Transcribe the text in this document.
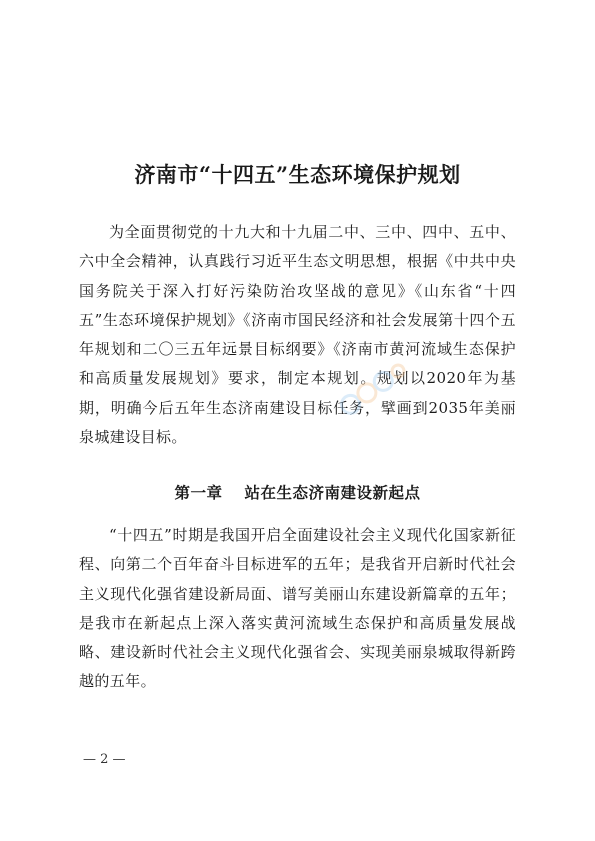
济南市“十四五”生态环境保护规划

为全面贯彻党的十九大和十九届二中、三中、四中、五中、六中全会精神，认真践行习近平生态文明思想，根据《中共中央国务院关于深入打好污染防治攻坚战的意见》《山东省“十四五”生态环境保护规划》《济南市国民经济和社会发展第十四个五年规划和二〇三五年远景目标纲要》《济南市黄河流域生态保护和高质量发展规划》要求，制定本规划。规划以2020年为基期，明确今后五年生态济南建设目标任务，擘画到2035年美丽泉城建设目标。

第一章 站在生态济南建设新起点

“十四五”时期是我国开启全面建设社会主义现代化国家新征程、向第二个百年奋斗目标进军的五年；是我省开启新时代社会主义现代化强省建设新局面、谱写美丽山东建设新篇章的五年；是我市在新起点上深入落实黄河流域生态保护和高质量发展战略、建设新时代社会主义现代化强省会、实现美丽泉城取得新跨越的五年。

— 2 —
